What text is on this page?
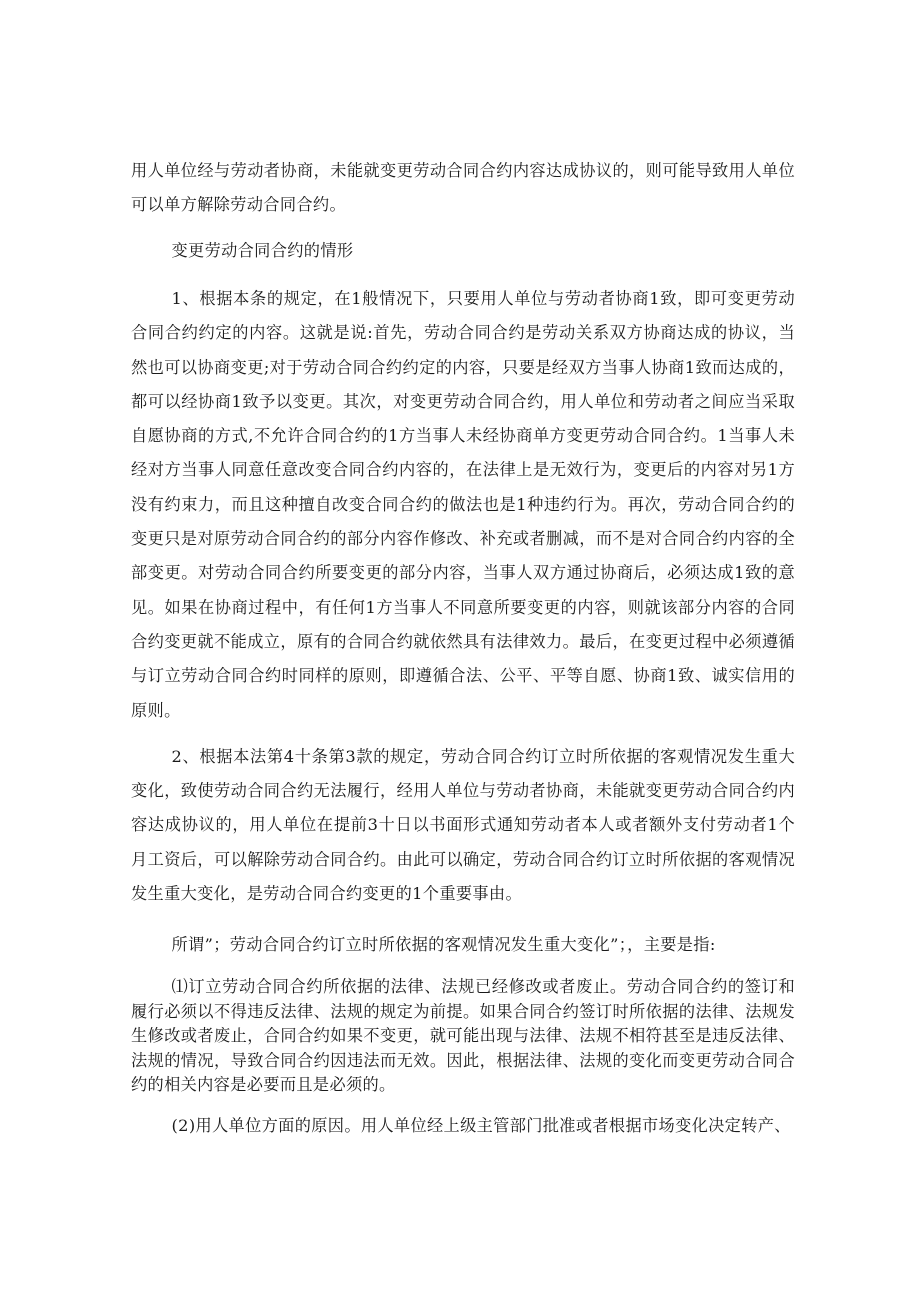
用人单位经与劳动者协商，未能就变更劳动合同合约内容达成协议的，则可能导致用人单位可以单方解除劳动合同合约。

变更劳动合同合约的情形

1、根据本条的规定，在1般情况下，只要用人单位与劳动者协商1致，即可变更劳动合同合约约定的内容。这就是说:首先，劳动合同合约是劳动关系双方协商达成的协议，当然也可以协商变更;对于劳动合同合约约定的内容，只要是经双方当事人协商1致而达成的，都可以经协商1致予以变更。其次，对变更劳动合同合约，用人单位和劳动者之间应当采取自愿协商的方式,不允许合同合约的1方当事人未经协商单方变更劳动合同合约。1当事人未经对方当事人同意任意改变合同合约内容的，在法律上是无效行为，变更后的内容对另1方没有约束力，而且这种擅自改变合同合约的做法也是1种违约行为。再次，劳动合同合约的变更只是对原劳动合同合约的部分内容作修改、补充或者删减，而不是对合同合约内容的全部变更。对劳动合同合约所要变更的部分内容，当事人双方通过协商后，必须达成1致的意见。如果在协商过程中，有任何1方当事人不同意所要变更的内容，则就该部分内容的合同合约变更就不能成立，原有的合同合约就依然具有法律效力。最后，在变更过程中必须遵循与订立劳动合同合约时同样的原则，即遵循合法、公平、平等自愿、协商1致、诚实信用的原则。

2、根据本法第4十条第3款的规定，劳动合同合约订立时所依据的客观情况发生重大变化，致使劳动合同合约无法履行，经用人单位与劳动者协商，未能就变更劳动合同合约内容达成协议的，用人单位在提前3十日以书面形式通知劳动者本人或者额外支付劳动者1个月工资后，可以解除劳动合同合约。由此可以确定，劳动合同合约订立时所依据的客观情况发生重大变化，是劳动合同合约变更的1个重要事由。

所谓”；劳动合同合约订立时所依据的客观情况发生重大变化”；，主要是指:

⑴订立劳动合同合约所依据的法律、法规已经修改或者废止。劳动合同合约的签订和履行必须以不得违反法律、法规的规定为前提。如果合同合约签订时所依据的法律、法规发生修改或者废止，合同合约如果不变更，就可能出现与法律、法规不相符甚至是违反法律、法规的情况，导致合同合约因违法而无效。因此，根据法律、法规的变化而变更劳动合同合约的相关内容是必要而且是必须的。

(2)用人单位方面的原因。用人单位经上级主管部门批准或者根据市场变化决定转产、
